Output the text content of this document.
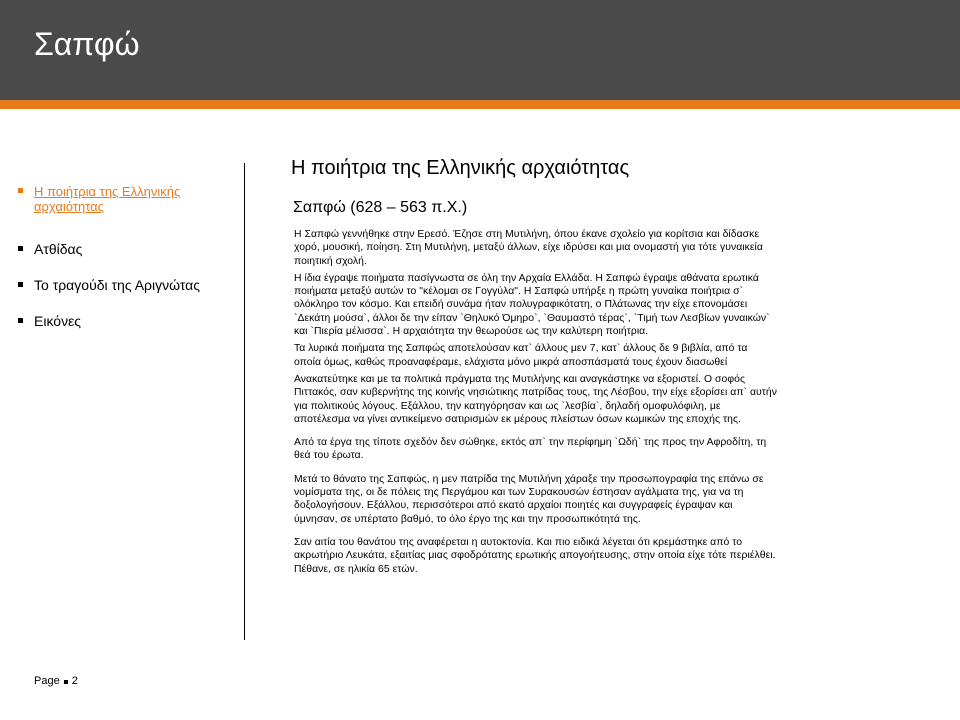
Σαπφώ
Η ποιήτρια της Ελληνικής αρχαιότητας
Ατθίδας
Το τραγούδι της Αριγνώτας
Εικόνες
Η ποιήτρια της Ελληνικής αρχαιότητας
Σαπφώ (628 – 563 π.Χ.)

Η Σαπφώ γεννήθηκε στην Ερεσό. Έζησε στη Μυτιλήνη, όπου έκανε σχολείο για κορίτσια και δίδασκε
χορό, μουσική, ποίηση. Στη Μυτιλήνη, μεταξύ άλλων, είχε ιδρύσει και μια ονομαστή για τότε γυναικεία
ποιητική σχολή.

Η ίδια έγραψε ποιήματα πασίγνωστα σε όλη την Αρχαία Ελλάδα. Η Σαπφώ έγραψε αθάνατα ερωτικά
ποιήματα μεταξύ αυτών το "κέλομαι σε Γογγύλα". Η Σαπφώ υπήρξε η πρώτη γυναίκα ποιήτρια σ`
ολόκληρο τον κόσμο. Και επειδή συνάμα ήταν πολυγραφικότατη, ο Πλάτωνας την είχε επονομάσει
`Δεκάτη μούσα`, άλλοι δε την είπαν `Θηλυκό Όμηρο`, `Θαυμαστό τέρας`, `Τιμή των Λεσβίων γυναικών`
και `Πιερία μέλισσα`. Η αρχαιότητα την θεωρούσε ως την καλύτερη ποιήτρια.

Τα λυρικά ποιήματα της Σαπφώς αποτελούσαν κατ` άλλους μεν 7, κατ` άλλους δε 9 βιβλία, από τα
οποία όμως, καθώς προαναφέραμε, ελάχιστα μόνο μικρά αποσπάσματά τους έχουν διασωθεί

Ανακατεύτηκε και με τα πολιτικά πράγματα της Μυτιλήνης και αναγκάστηκε να εξοριστεί. Ο σοφός
Πιττακός, σαν κυβερνήτης της κοινής νησιώτικης πατρίδας τους, της Λέσβου, την είχε εξορίσει απ` αυτήν
για πολιτικούς λόγους. Εξάλλου, την κατηγόρησαν και ως `λεσβία`, δηλαδή ομοφυλόφιλη, με
αποτέλεσμα να γίνει αντικείμενο σατιρισμών εκ μέρους πλείστων όσων κωμικών της εποχής της.

Από τα έργα της τίποτε σχεδόν δεν σώθηκε, εκτός απ` την περίφημη `Ωδή` της προς την Αφροδίτη, τη
θεά του έρωτα.

Μετά το θάνατο της Σαπφώς, η μεν πατρίδα της Μυτιλήνη χάραξε την προσωπογραφία της επάνω σε
νομίσματα της, οι δε πόλεις της Περγάμου και των Συρακουσών έστησαν αγάλματα της, για να τη
δοξολογήσουν. Εξάλλου, περισσότεροι από εκατό αρχαίοι ποιητές και συγγραφείς έγραψαν και
ύμνησαν, σε υπέρτατο βαθμό, το όλο έργο της και την προσωπικότητά της.

Σαν αιτία του θανάτου της αναφέρεται η αυτοκτονία. Και πιο ειδικά λέγεται ότι κρεμάστηκε από το
ακρωτήριο Λευκάτα, εξαιτίας μιας σφοδρότατης ερωτικής απογοήτευσης, στην οποία είχε τότε περιέλθει.
Πέθανε, σε ηλικία 65 ετών.

Page 2
